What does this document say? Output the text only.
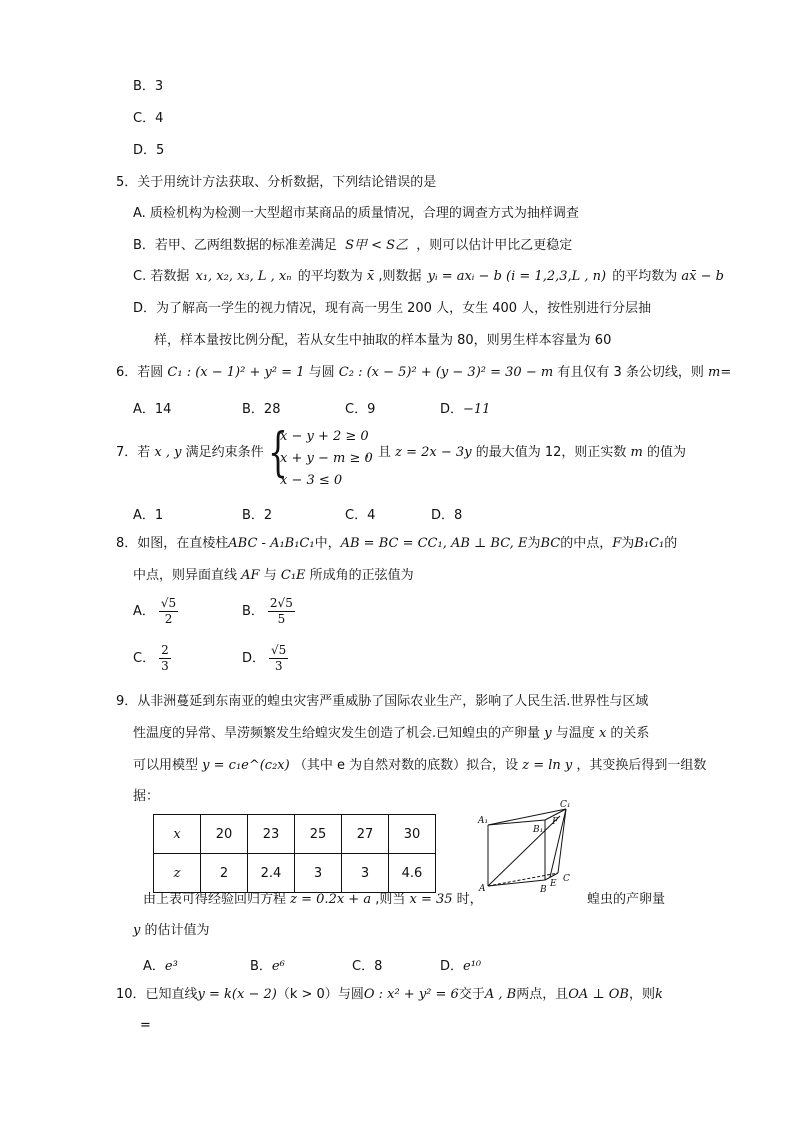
B．3
C．4
D．5
5．关于用统计方法获取、分析数据，下列结论错误的是
A. 质检机构为检测一大型超市某商品的质量情况，合理的调查方式为抽样调查
B．若甲、乙两组数据的标准差满足 S甲 < S乙 ，则可以估计甲比乙更稳定
C. 若数据 x₁, x₂, x₃, L , xₙ 的平均数为 x̄ ,则数据 yᵢ = axᵢ − b (i = 1,2,3,L , n) 的平均数为 ax̄ − b
D．为了解高一学生的视力情况，现有高一男生 200 人，女生 400 人，按性别进行分层抽
样，样本量按比例分配，若从女生中抽取的样本量为 80，则男生样本容量为 60
6．若圆 C₁ : (x − 1)² + y² = 1 与圆 C₂ : (x − 5)² + (y − 3)² = 30 − m 有且仅有 3 条公切线，则 m=
A．14	B．28	C．9	D．−11
7．若 x , y 满足约束条件 {
x − y + 2 ≥ 0
x + y − m ≥ 0
x − 3 ≤ 0
，且 z = 2x − 3y 的最大值为 12，则正实数 m 的值为
A．1	B．2	C．4	D．8
8．如图，在直棱柱ABC - A₁B₁C₁中，AB = BC = CC₁, AB ⊥ BC, E为BC的中点，F为B₁C₁的
中点，则异面直线 AF 与 C₁E 所成角的正弦值为
A． $\frac{√5}{2}$	B． $\frac{2√5}{5}$
C． $\frac{2}{3}$	D． $\frac{√5}{3}$
9．从非洲蔓延到东南亚的蝗虫灾害严重威胁了国际农业生产，影响了人民生活.世界性与区域
性温度的异常、旱涝频繁发生给蝗灾发生创造了机会.已知蝗虫的产卵量 y 与温度 x 的关系
可以用模型 y = c₁e^(c₂x) （其中 e 为自然对数的底数）拟合，设 z = ln y ，其变换后得到一组数
据：
x	20	23	25	27	30
z	2	2.4	3	3	4.6
A₁
C₁
B₁
F
A	B
E C
由上表可得经验回归方程 z = 0.2x + a ,则当 x = 35 时，	蝗虫的产卵量
y 的估计值为
A．e³	B．e⁶	C．8	D．e¹⁰
10．已知直线y = k(x − 2)（k > 0）与圆O : x² + y² = 6交于A , B两点，且OA ⊥ OB，则k
=
